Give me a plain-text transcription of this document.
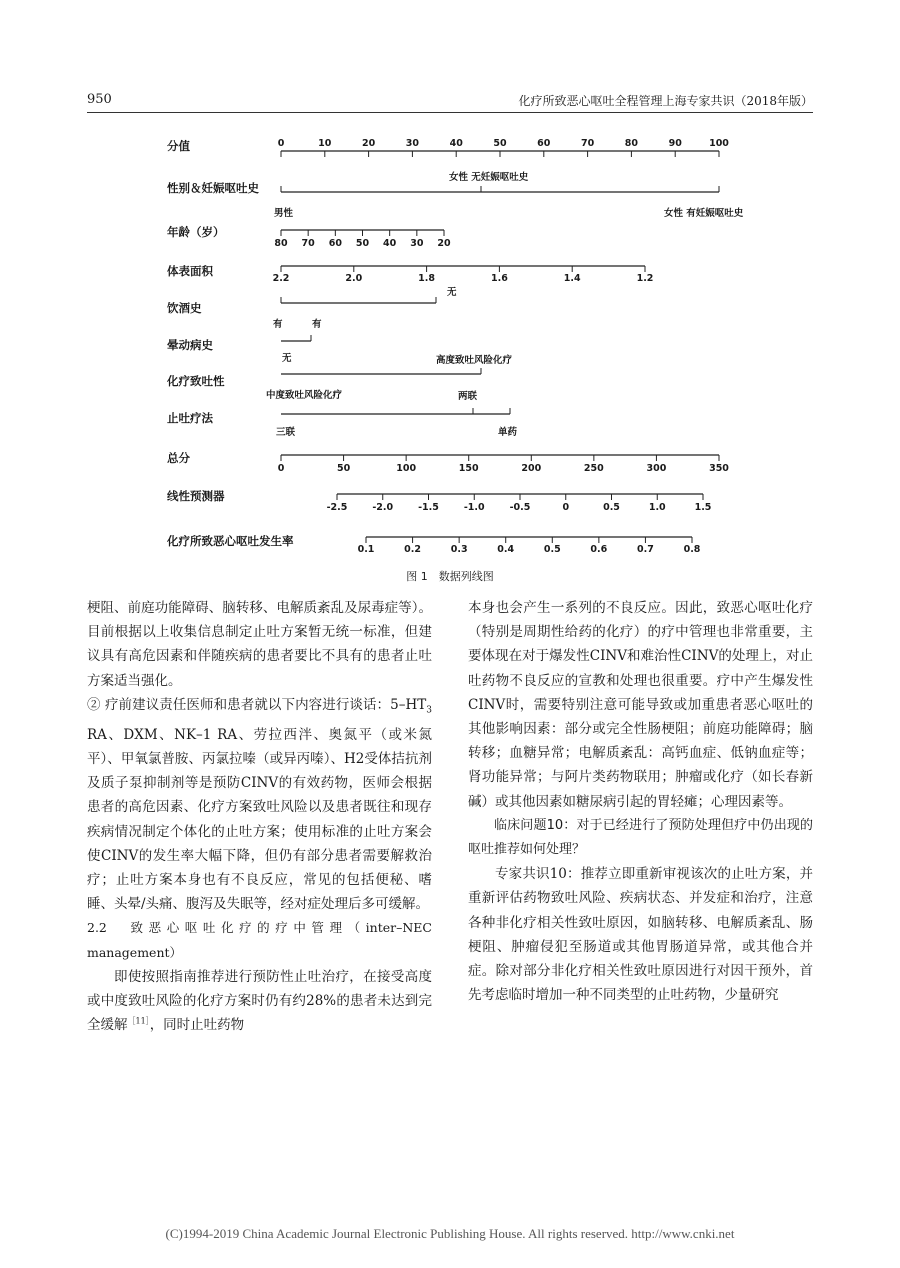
950	化疗所致恶心呕吐全程管理上海专家共识（2018年版）
分值
性别＆妊娠呕吐史
年龄（岁）
体表面积
饮酒史
晕动病史
化疗致吐性
止吐疗法
总分
线性预测器
化疗所致恶心呕吐发生率
0	10	20	30	40	50	60	70	80	90	100
女性 无妊娠呕吐史
男性	女性 有妊娠呕吐史
80 70 60 50 40 30 20
2.2	2.0	1.8	1.6	1.4	1.2
无
有	有
无	高度致吐风险化疗
中度致吐风险化疗	两联
三联	单药
0	50	100	150	200	250	300	350
-2.5	-2.0	-1.5	-1.0	-0.5	0	0.5	1.0	1.5
0.1	0.2	0.3	0.4	0.5	0.6	0.7	0.8
图 1　数据列线图

梗阻、前庭功能障碍、脑转移、电解质紊乱及尿毒症等）。目前根据以上收集信息制定止吐方案暂无统一标准，但建议具有高危因素和伴随疾病的患者要比不具有的患者止吐方案适当强化。

② 疗前建议责任医师和患者就以下内容进行谈话：$5-HT_3$ RA、DXM、NK–1 RA、劳拉西泮、奥氮平（或米氮平）、甲氧氯普胺、丙氯拉嗪（或异丙嗪）、H2受体拮抗剂及质子泵抑制剂等是预防CINV的有效药物，医师会根据患者的高危因素、化疗方案致吐风险以及患者既往和现存疾病情况制定个体化的止吐方案；使用标准的止吐方案会使CINV的发生率大幅下降，但仍有部分患者需要解救治疗；止吐方案本身也有不良反应，常见的包括便秘、嗜睡、头晕/头痛、腹泻及失眠等，经对症处理后多可缓解。

2.2　致恶心呕吐化疗的疗中管理（inter–NEC management）

即使按照指南推荐进行预防性止吐治疗，在接受高度或中度致吐风险的化疗方案时仍有约28%的患者未达到完全缓解$^{[11]}$，同时止吐药物

本身也会产生一系列的不良反应。因此，致恶心呕吐化疗（特别是周期性给药的化疗）的疗中管理也非常重要，主要体现在对于爆发性CINV和难治性CINV的处理上，对止吐药物不良反应的宣教和处理也很重要。疗中产生爆发性CINV时，需要特别注意可能导致或加重患者恶心呕吐的其他影响因素：部分或完全性肠梗阻；前庭功能障碍；脑转移；血糖异常；电解质紊乱：高钙血症、低钠血症等；肾功能异常；与阿片类药物联用；肿瘤或化疗（如长春新碱）或其他因素如糖尿病引起的胃轻瘫；心理因素等。

临床问题10：对于已经进行了预防处理但疗中仍出现的呕吐推荐如何处理？

专家共识10：推荐立即重新审视该次的止吐方案，并重新评估药物致吐风险、疾病状态、并发症和治疗，注意各种非化疗相关性致吐原因，如脑转移、电解质紊乱、肠梗阻、肿瘤侵犯至肠道或其他胃肠道异常，或其他合并症。除对部分非化疗相关性致吐原因进行对因干预外，首先考虑临时增加一种不同类型的止吐药物，少量研究

(C)1994-2019 China Academic Journal Electronic Publishing House. All rights reserved. http://www.cnki.net
